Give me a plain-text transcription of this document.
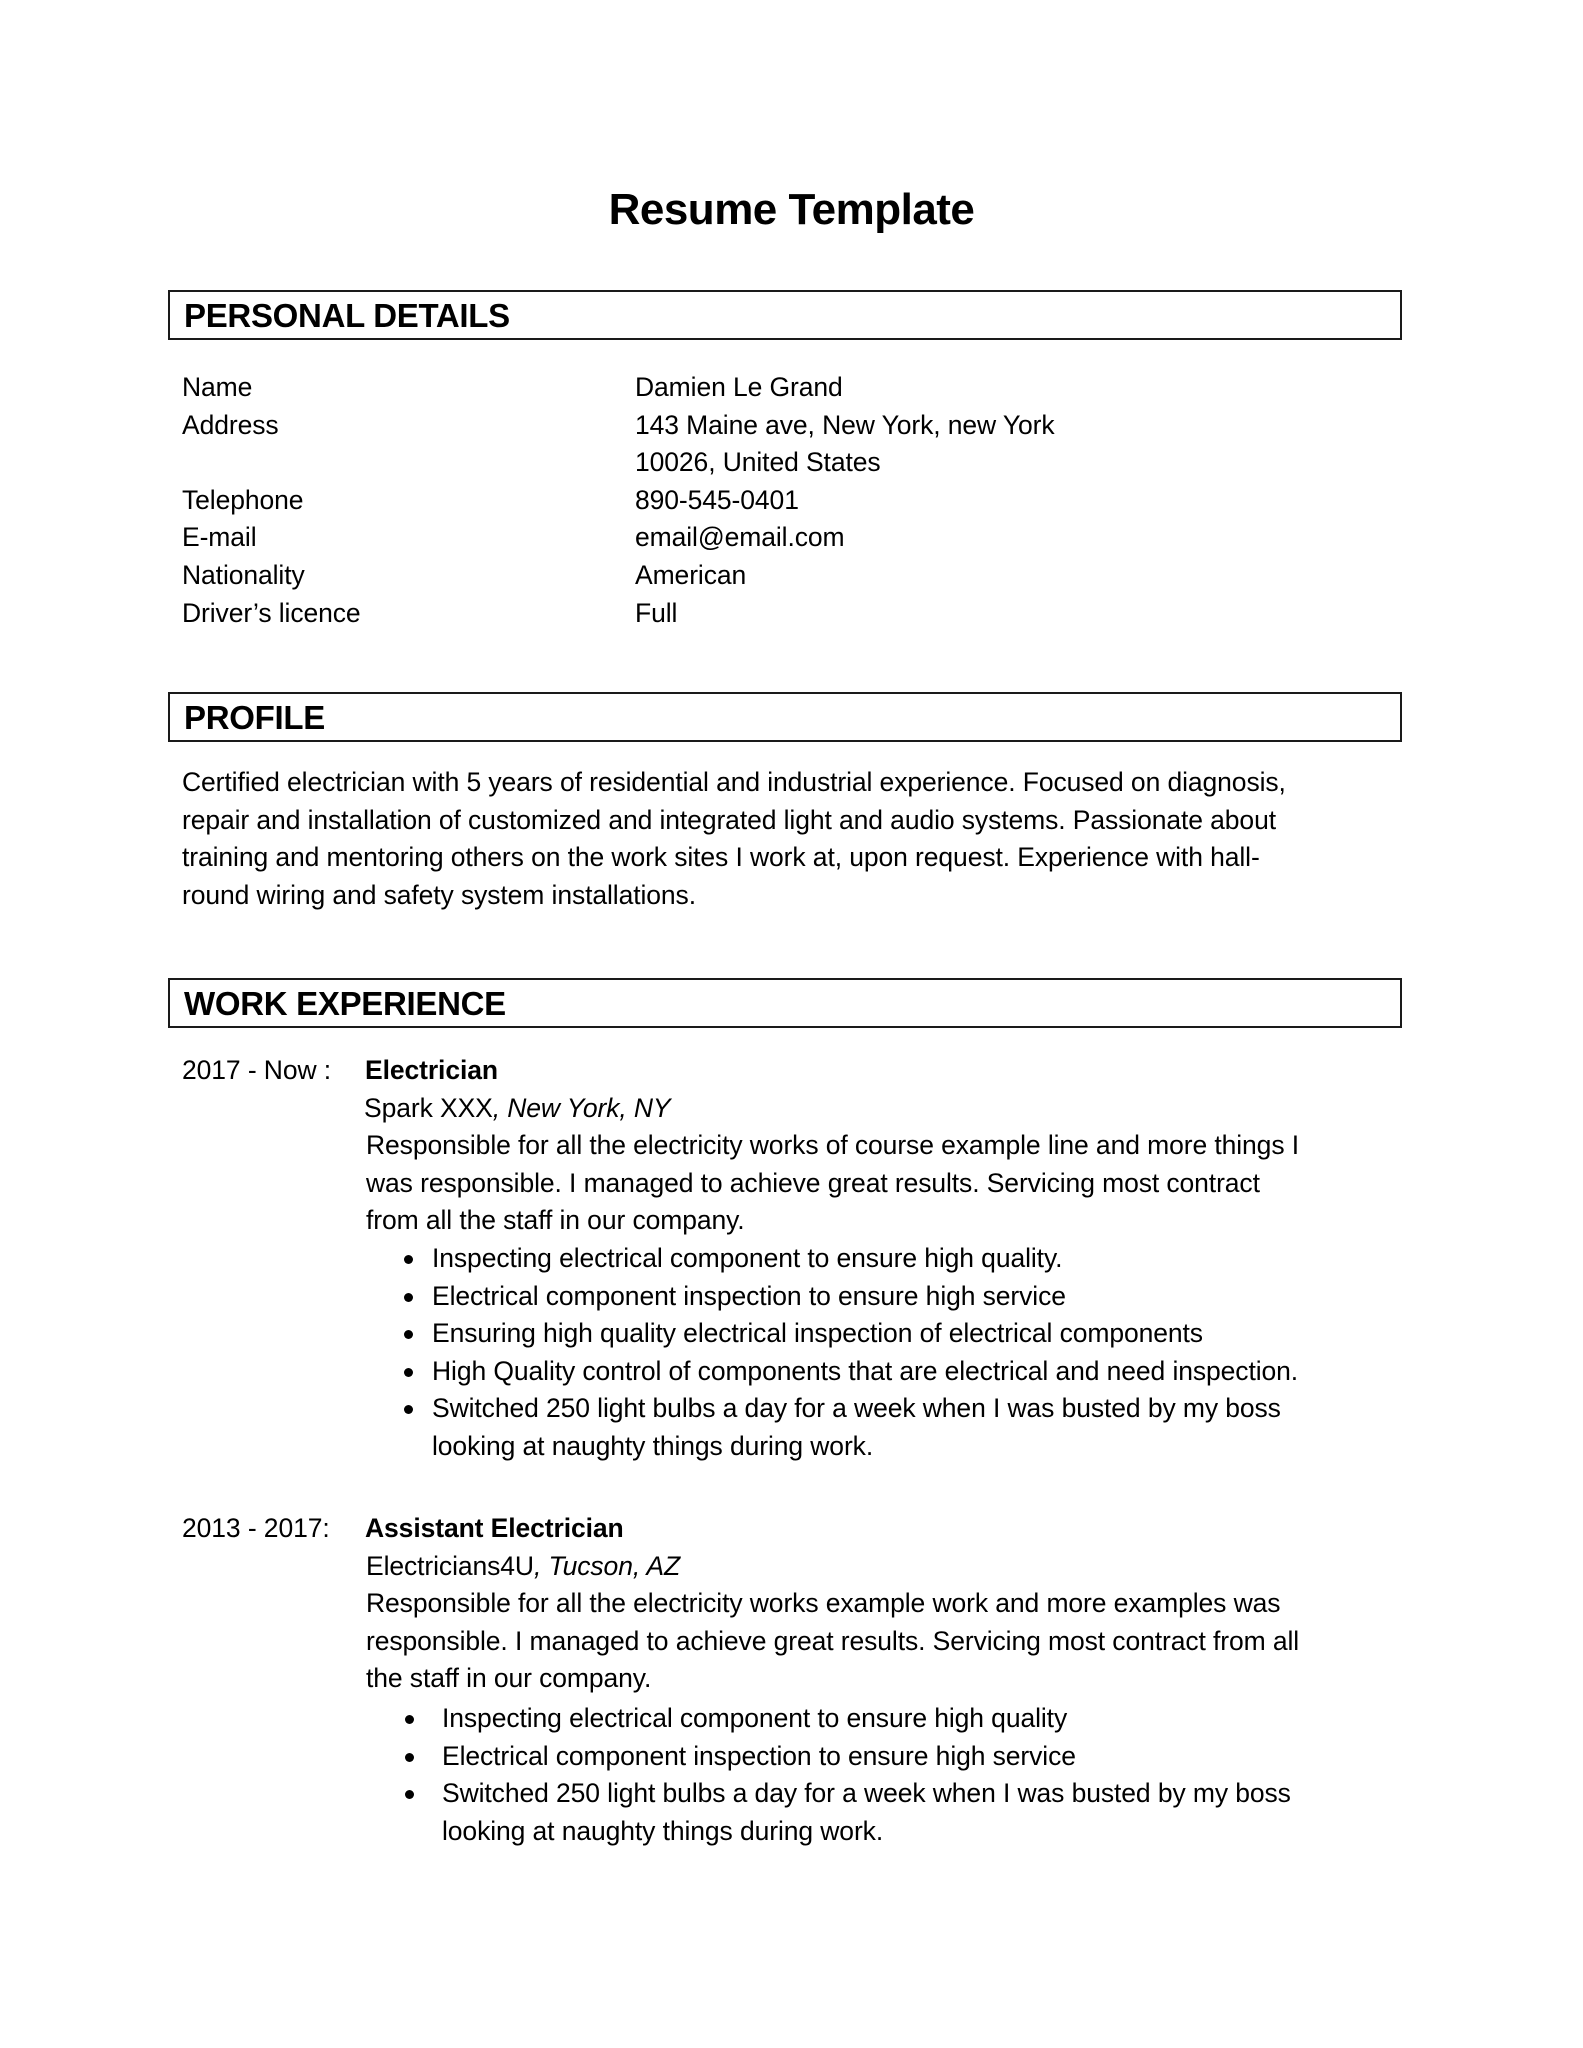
Resume Template
PERSONAL DETAILS
Name	Damien Le Grand
Address	143 Maine ave, New York, new York
10026, United States
Telephone	890-545-0401
E-mail	email@email.com
Nationality	American
Driver’s licence	Full
PROFILE
Certified electrician with 5 years of residential and industrial experience. Focused on diagnosis,
repair and installation of customized and integrated light and audio systems. Passionate about
training and mentoring others on the work sites I work at, upon request. Experience with hall-
round wiring and safety system installations.
WORK EXPERIENCE
2017 - Now : Electrician
Spark XXX, New York, NY
Responsible for all the electricity works of course example line and more things I
was responsible. I managed to achieve great results. Servicing most contract
from all the staff in our company.
Inspecting electrical component to ensure high quality.
Electrical component inspection to ensure high service
Ensuring high quality electrical inspection of electrical components
High Quality control of components that are electrical and need inspection.
Switched 250 light bulbs a day for a week when I was busted by my boss
looking at naughty things during work.
2013 - 2017: Assistant Electrician
Electricians4U, Tucson, AZ
Responsible for all the electricity works example work and more examples was
responsible. I managed to achieve great results. Servicing most contract from all
the staff in our company.
Inspecting electrical component to ensure high quality
Electrical component inspection to ensure high service
Switched 250 light bulbs a day for a week when I was busted by my boss
looking at naughty things during work.
